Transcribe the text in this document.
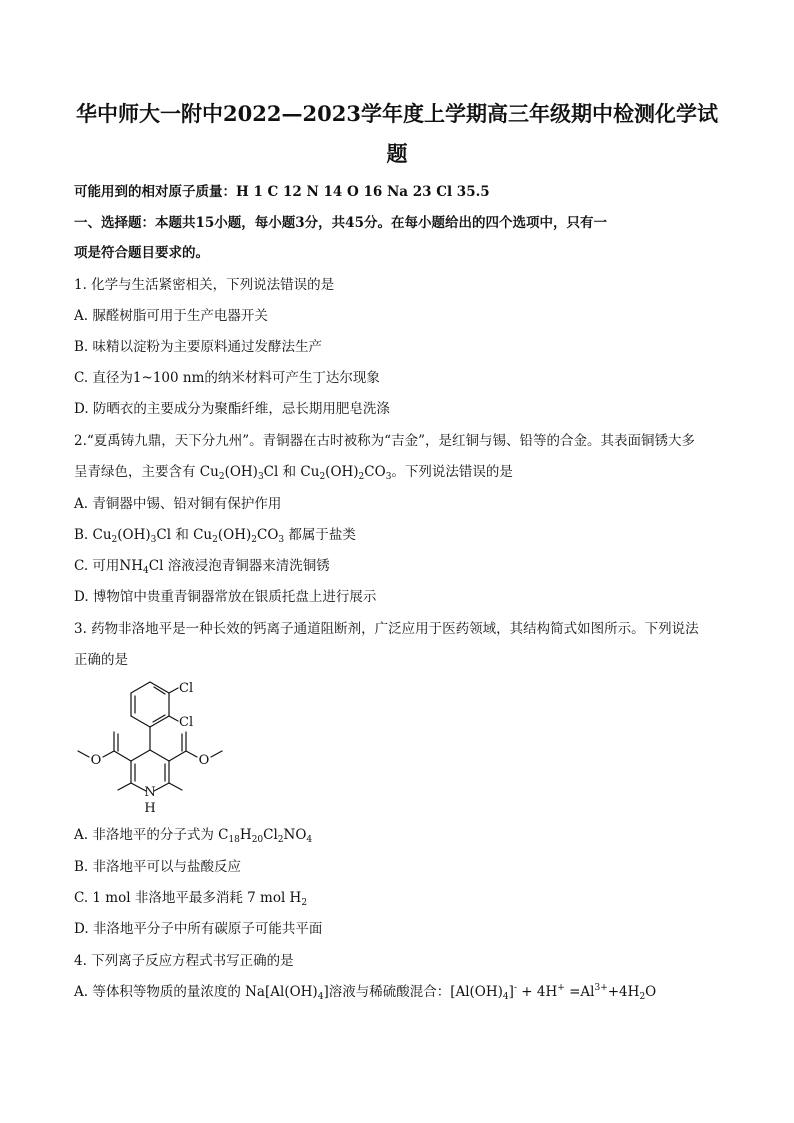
华中师大一附中2022—2023学年度上学期高三年级期中检测化学试
题
可能用到的相对原子质量：H 1 C 12 N 14 O 16 Na 23 Cl 35.5
一、选择题：本题共15小题，每小题3分，共45分。在每小题给出的四个选项中，只有一
项是符合题目要求的。
1. 化学与生活紧密相关，下列说法错误的是
A. 脲醛树脂可用于生产电器开关
B. 味精以淀粉为主要原料通过发酵法生产
C. 直径为1~100 nm的纳米材料可产生丁达尔现象
D. 防晒衣的主要成分为聚酯纤维，忌长期用肥皂洗涤
2.“夏禹铸九鼎，天下分九州”。青铜器在古时被称为“吉金”，是红铜与锡、铅等的合金。其表面铜锈大多
呈青绿色，主要含有 $Cu_2(OH)_3Cl$ 和 $Cu_2(OH)_2CO_3$。下列说法错误的是
A. 青铜器中锡、铅对铜有保护作用
B. $Cu_2(OH)_3Cl$ 和 $Cu_2(OH)_2CO_3$ 都属于盐类
C. 可用$NH_4Cl$ 溶液浸泡青铜器来清洗铜锈
D. 博物馆中贵重青铜器常放在银质托盘上进行展示
3. 药物非洛地平是一种长效的钙离子通道阻断剂，广泛应用于医药领域，其结构简式如图所示。下列说法
正确的是
Cl
Cl
O
O
N
H
A. 非洛地平的分子式为 $C_{18}H_{20}Cl_2NO_4$
B. 非洛地平可以与盐酸反应
C. 1 mol 非洛地平最多消耗 7 mol $H_2$
D. 非洛地平分子中所有碳原子可能共平面
4. 下列离子反应方程式书写正确的是
A. 等体积等物质的量浓度的 $Na[Al(OH)_4]$溶液与稀硫酸混合：$[Al(OH)_4]^- + 4H^+ =Al^{3+}+4H_2O$
